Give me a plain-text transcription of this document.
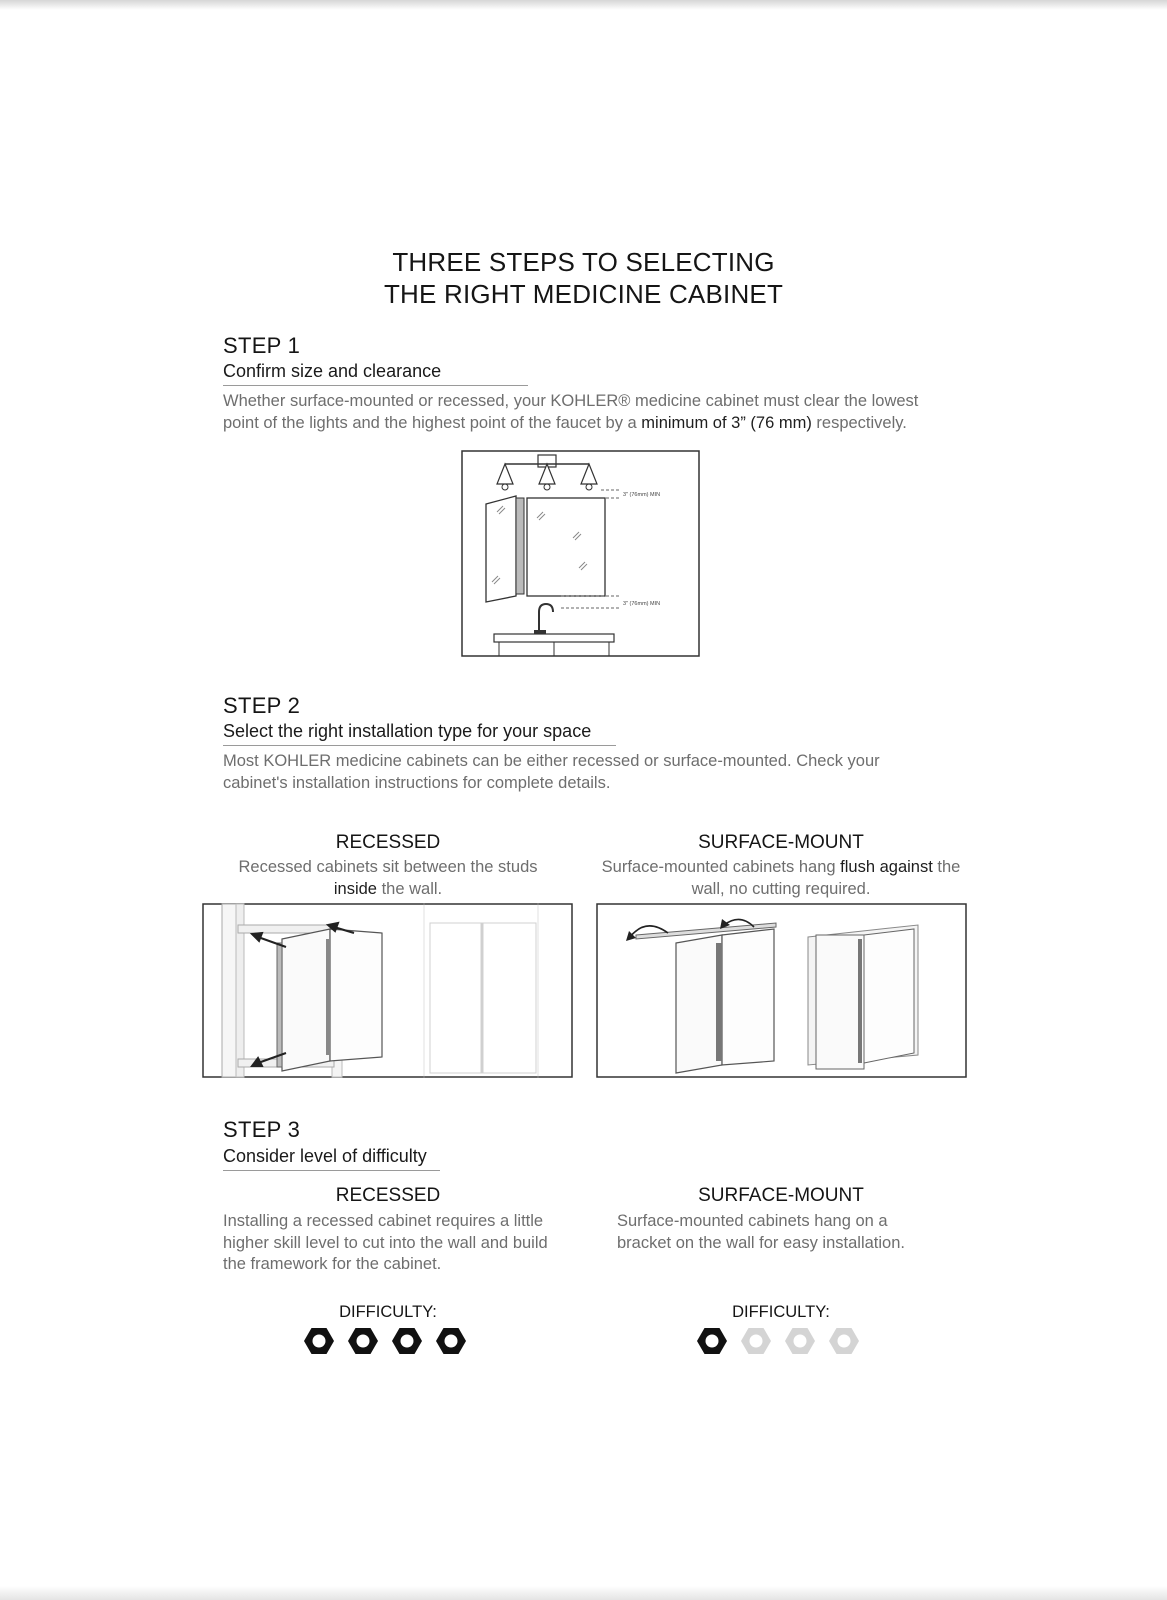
THREE STEPS TO SELECTING
THE RIGHT MEDICINE CABINET
STEP 1
Confirm size and clearance
Whether surface-mounted or recessed, your KOHLER® medicine cabinet must clear the lowest point of the lights and the highest point of the faucet by a minimum of 3” (76 mm) respectively.
3" (76mm) MIN
3" (76mm) MIN
STEP 2
Select the right installation type for your space
Most KOHLER medicine cabinets can be either recessed or surface-mounted. Check your cabinet's installation instructions for complete details.
RECESSED
Recessed cabinets sit between the studs inside the wall.
SURFACE-MOUNT
Surface-mounted cabinets hang flush against the wall, no cutting required.
STEP 3
Consider level of difficulty
RECESSED
Installing a recessed cabinet requires a little higher skill level to cut into the wall and build the framework for the cabinet.
SURFACE-MOUNT
Surface-mounted cabinets hang on a bracket on the wall for easy installation.
DIFFICULTY:	DIFFICULTY:
